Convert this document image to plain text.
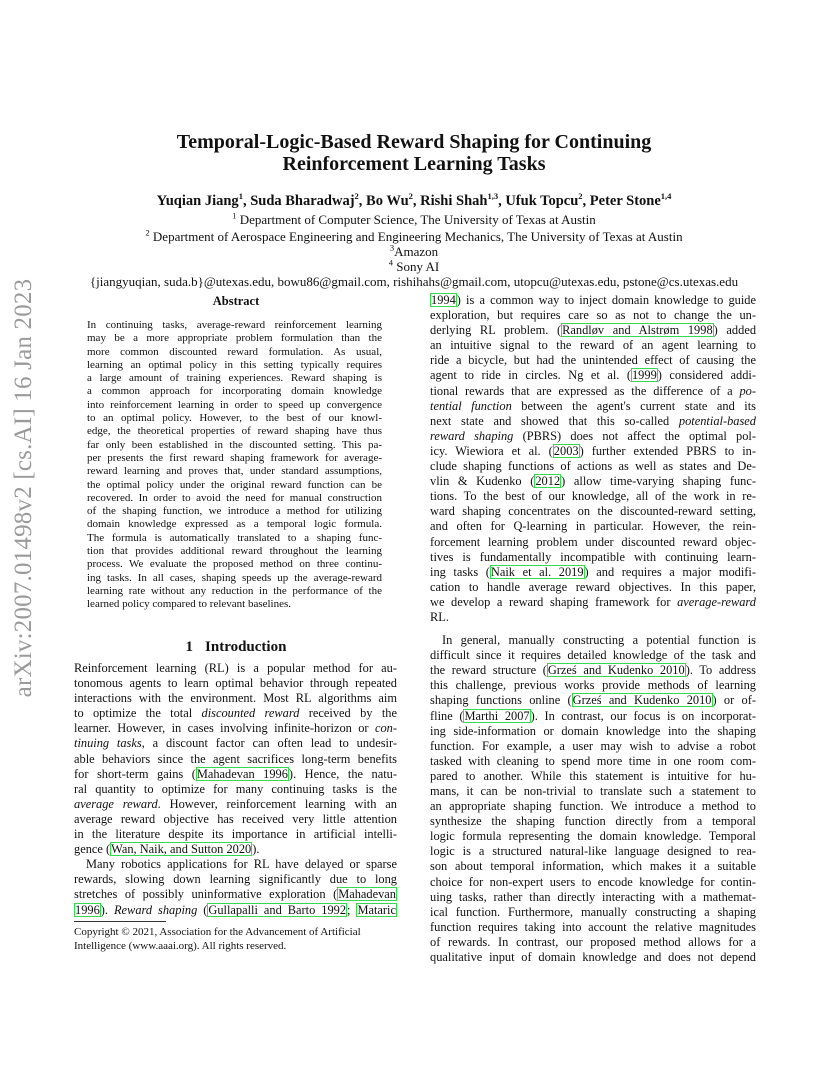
arXiv:2007.01498v2 [cs.AI] 16 Jan 2023
Temporal-Logic-Based Reward Shaping for Continuing
Reinforcement Learning Tasks
Yuqian Jiang$^1$, Suda Bharadwaj$^2$, Bo Wu$^2$, Rishi Shah$^{1,3}$, Ufuk Topcu$^2$, Peter Stone$^{1,4}$
$^1$ Department of Computer Science, The University of Texas at Austin
$^2$ Department of Aerospace Engineering and Engineering Mechanics, The University of Texas at Austin
$^3$Amazon
$^4$ Sony AI
{jiangyuqian, suda.b}@utexas.edu, bowu86@gmail.com, rishihahs@gmail.com, utopcu@utexas.edu, pstone@cs.utexas.edu
Abstract
In continuing tasks, average-reward reinforcement learning
may be a more appropriate problem formulation than the
more common discounted reward formulation. As usual,
learning an optimal policy in this setting typically requires
a large amount of training experiences. Reward shaping is
a common approach for incorporating domain knowledge
into reinforcement learning in order to speed up convergence
to an optimal policy. However, to the best of our knowl-
edge, the theoretical properties of reward shaping have thus
far only been established in the discounted setting. This pa-
per presents the first reward shaping framework for average-
reward learning and proves that, under standard assumptions,
the optimal policy under the original reward function can be
recovered. In order to avoid the need for manual construction
of the shaping function, we introduce a method for utilizing
domain knowledge expressed as a temporal logic formula.
The formula is automatically translated to a shaping func-
tion that provides additional reward throughout the learning
process. We evaluate the proposed method on three continu-
ing tasks. In all cases, shaping speeds up the average-reward
learning rate without any reduction in the performance of the
learned policy compared to relevant baselines.
1 Introduction
Reinforcement learning (RL) is a popular method for au-
tonomous agents to learn optimal behavior through repeated
interactions with the environment. Most RL algorithms aim
to optimize the total discounted reward received by the
learner. However, in cases involving infinite-horizon or con-
tinuing tasks, a discount factor can often lead to undesir-
able behaviors since the agent sacrifices long-term benefits
for short-term gains (Mahadevan 1996). Hence, the natu-
ral quantity to optimize for many continuing tasks is the
average reward. However, reinforcement learning with an
average reward objective has received very little attention
in the literature despite its importance in artificial intelli-
gence (Wan, Naik, and Sutton 2020).
Many robotics applications for RL have delayed or sparse
rewards, slowing down learning significantly due to long
stretches of possibly uninformative exploration (Mahadevan
1996). Reward shaping (Gullapalli and Barto 1992; Mataric
Copyright © 2021, Association for the Advancement of Artificial
Intelligence (www.aaai.org). All rights reserved.
1994) is a common way to inject domain knowledge to guide
exploration, but requires care so as not to change the un-
derlying RL problem. (Randløv and Alstrøm 1998) added
an intuitive signal to the reward of an agent learning to
ride a bicycle, but had the unintended effect of causing the
agent to ride in circles. Ng et al. (1999) considered addi-
tional rewards that are expressed as the difference of a po-
tential function between the agent's current state and its
next state and showed that this so-called potential-based
reward shaping (PBRS) does not affect the optimal pol-
icy. Wiewiora et al. (2003) further extended PBRS to in-
clude shaping functions of actions as well as states and De-
vlin & Kudenko (2012) allow time-varying shaping func-
tions. To the best of our knowledge, all of the work in re-
ward shaping concentrates on the discounted-reward setting,
and often for Q-learning in particular. However, the rein-
forcement learning problem under discounted reward objec-
tives is fundamentally incompatible with continuing learn-
ing tasks (Naik et al. 2019) and requires a major modifi-
cation to handle average reward objectives. In this paper,
we develop a reward shaping framework for average-reward
RL.
In general, manually constructing a potential function is
difficult since it requires detailed knowledge of the task and
the reward structure (Grześ and Kudenko 2010). To address
this challenge, previous works provide methods of learning
shaping functions online (Grześ and Kudenko 2010) or of-
fline (Marthi 2007). In contrast, our focus is on incorporat-
ing side-information or domain knowledge into the shaping
function. For example, a user may wish to advise a robot
tasked with cleaning to spend more time in one room com-
pared to another. While this statement is intuitive for hu-
mans, it can be non-trivial to translate such a statement to
an appropriate shaping function. We introduce a method to
synthesize the shaping function directly from a temporal
logic formula representing the domain knowledge. Temporal
logic is a structured natural-like language designed to rea-
son about temporal information, which makes it a suitable
choice for non-expert users to encode knowledge for contin-
uing tasks, rather than directly interacting with a mathemat-
ical function. Furthermore, manually constructing a shaping
function requires taking into account the relative magnitudes
of rewards. In contrast, our proposed method allows for a
qualitative input of domain knowledge and does not depend
